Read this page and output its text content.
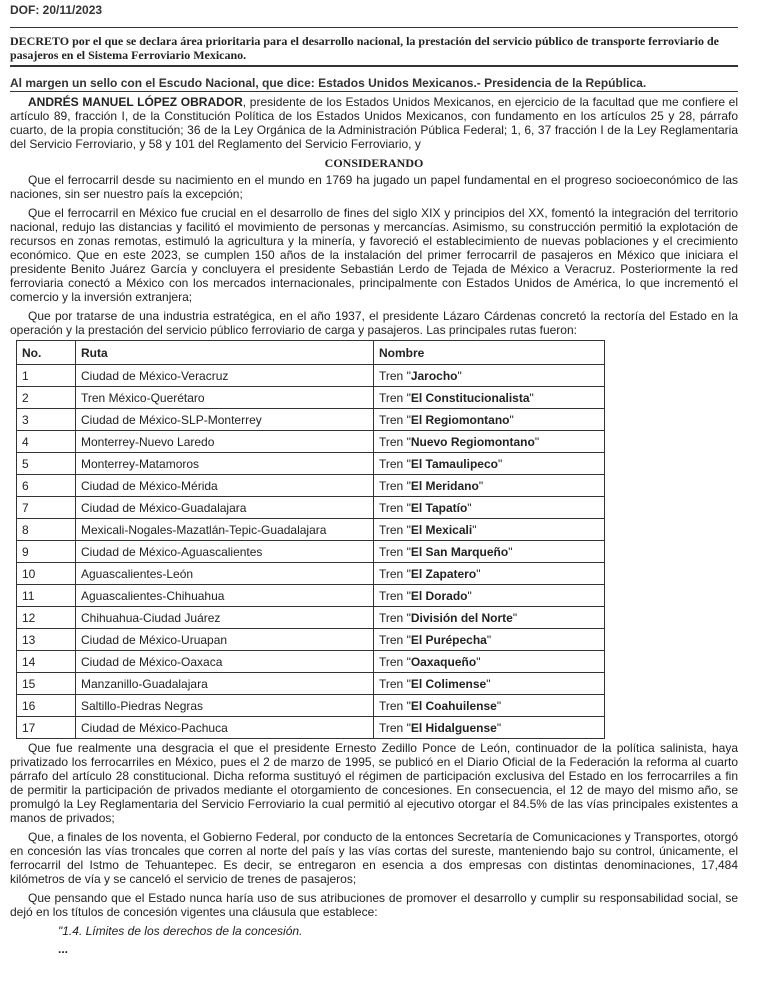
DOF: 20/11/2023
DECRETO por el que se declara área prioritaria para el desarrollo nacional, la prestación del servicio público de transporte ferroviario de pasajeros en el Sistema Ferroviario Mexicano.
Al margen un sello con el Escudo Nacional, que dice: Estados Unidos Mexicanos.- Presidencia de la República.

ANDRÉS MANUEL LÓPEZ OBRADOR, presidente de los Estados Unidos Mexicanos, en ejercicio de la facultad que me confiere el artículo 89, fracción I, de la Constitución Política de los Estados Unidos Mexicanos, con fundamento en los artículos 25 y 28, párrafo cuarto, de la propia constitución; 36 de la Ley Orgánica de la Administración Pública Federal; 1, 6, 37 fracción I de la Ley Reglamentaria del Servicio Ferroviario, y 58 y 101 del Reglamento del Servicio Ferroviario, y

CONSIDERANDO

Que el ferrocarril desde su nacimiento en el mundo en 1769 ha jugado un papel fundamental en el progreso socioeconómico de las naciones, sin ser nuestro país la excepción;

Que el ferrocarril en México fue crucial en el desarrollo de fines del siglo XIX y principios del XX, fomentó la integración del territorio nacional, redujo las distancias y facilitó el movimiento de personas y mercancías. Asimismo, su construcción permitió la explotación de recursos en zonas remotas, estimuló la agricultura y la minería, y favoreció el establecimiento de nuevas poblaciones y el crecimiento económico. Que en este 2023, se cumplen 150 años de la instalación del primer ferrocarril de pasajeros en México que iniciara el presidente Benito Juárez García y concluyera el presidente Sebastián Lerdo de Tejada de México a Veracruz. Posteriormente la red ferroviaria conectó a México con los mercados internacionales, principalmente con Estados Unidos de América, lo que incrementó el comercio y la inversión extranjera;

Que por tratarse de una industria estratégica, en el año 1937, el presidente Lázaro Cárdenas concretó la rectoría del Estado en la operación y la prestación del servicio público ferroviario de carga y pasajeros. Las principales rutas fueron:

No.	Ruta	Nombre
1	Ciudad de México-Veracruz	Tren "Jarocho"
2	Tren México-Querétaro	Tren "El Constitucionalista"
3	Ciudad de México-SLP-Monterrey	Tren "El Regiomontano"
4	Monterrey-Nuevo Laredo	Tren "Nuevo Regiomontano"
5	Monterrey-Matamoros	Tren "El Tamaulipeco"
6	Ciudad de México-Mérida	Tren "El Meridano"
7	Ciudad de México-Guadalajara	Tren "El Tapatío"
8	Mexicali-Nogales-Mazatlán-Tepic-Guadalajara	Tren "El Mexicali"
9	Ciudad de México-Aguascalientes	Tren "El San Marqueño"
10	Aguascalientes-León	Tren "El Zapatero"
11	Aguascalientes-Chihuahua	Tren "El Dorado"
12	Chihuahua-Ciudad Juárez	Tren "División del Norte"
13	Ciudad de México-Uruapan	Tren "El Purépecha"
14	Ciudad de México-Oaxaca	Tren "Oaxaqueño"
15	Manzanillo-Guadalajara	Tren "El Colimense"
16	Saltillo-Piedras Negras	Tren "El Coahuilense"
17	Ciudad de México-Pachuca	Tren "El Hidalguense"

Que fue realmente una desgracia el que el presidente Ernesto Zedillo Ponce de León, continuador de la política salinista, haya privatizado los ferrocarriles en México, pues el 2 de marzo de 1995, se publicó en el Diario Oficial de la Federación la reforma al cuarto párrafo del artículo 28 constitucional. Dicha reforma sustituyó el régimen de participación exclusiva del Estado en los ferrocarriles a fin de permitir la participación de privados mediante el otorgamiento de concesiones. En consecuencia, el 12 de mayo del mismo año, se promulgó la Ley Reglamentaria del Servicio Ferroviario la cual permitió al ejecutivo otorgar el 84.5% de las vías principales existentes a manos de privados;

Que, a finales de los noventa, el Gobierno Federal, por conducto de la entonces Secretaría de Comunicaciones y Transportes, otorgó en concesión las vías troncales que corren al norte del país y las vías cortas del sureste, manteniendo bajo su control, únicamente, el ferrocarril del Istmo de Tehuantepec. Es decir, se entregaron en esencia a dos empresas con distintas denominaciones, 17,484 kilómetros de vía y se canceló el servicio de trenes de pasajeros;

Que pensando que el Estado nunca haría uso de sus atribuciones de promover el desarrollo y cumplir su responsabilidad social, se dejó en los títulos de concesión vigentes una cláusula que establece:

"1.4. Límites de los derechos de la concesión.

...
